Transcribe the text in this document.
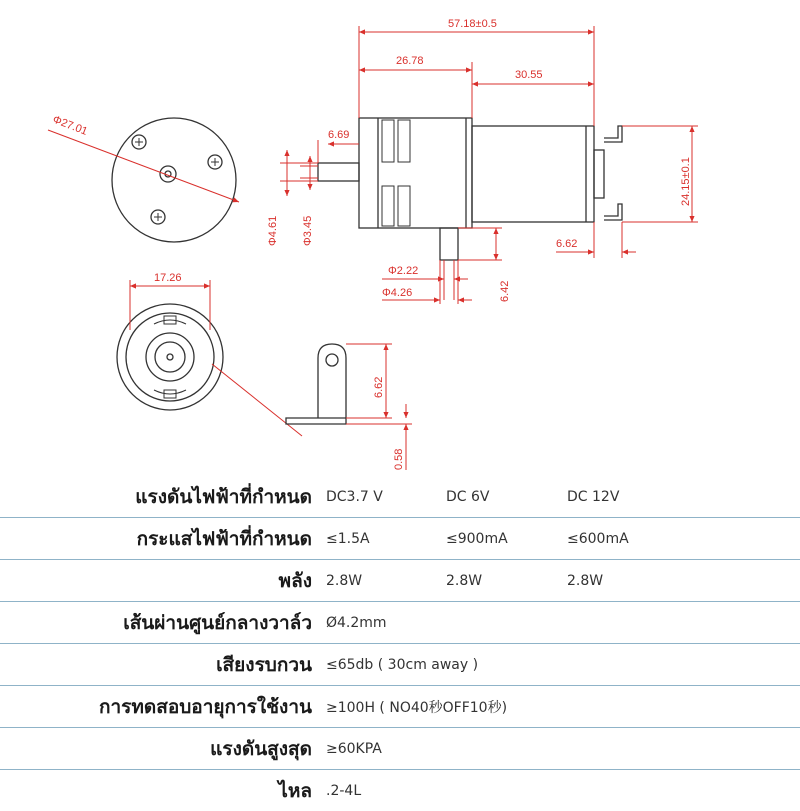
Φ27.01
57.18±0.5
26.78
30.55
6.69
Φ4.61 Φ3.45
24.15±0.1
6.62
Φ2.22
Φ4.26	6.42
17.26
6.62
0.58
แรงดันไฟฟ้าที่กำหนด	DC3.7 V	DC 6V	DC 12V
กระแสไฟฟ้าที่กำหนด	≤1.5A	≤900mA	≤600mA
พลัง	2.8W	2.8W	2.8W
เส้นผ่านศูนย์กลางวาล์ว	Ø4.2mm		
เสียงรบกวน	≤65db ( 30cm away )		
การทดสอบอายุการใช้งาน	≥100H ( NO40秒OFF10秒)		
แรงดันสูงสุด	≥60KPA		
ไหล	.2-4L		
